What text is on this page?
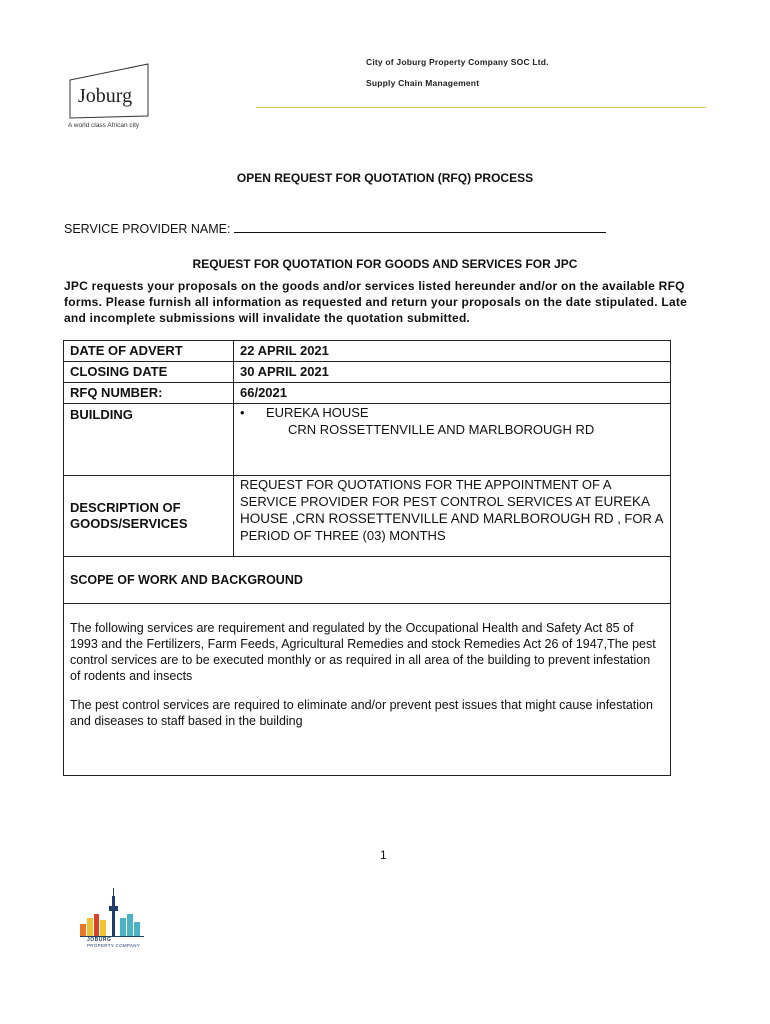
Joburg
A world class African city
City of Joburg Property Company SOC Ltd.
Supply Chain Management
OPEN REQUEST FOR QUOTATION (RFQ) PROCESS
SERVICE PROVIDER NAME:
REQUEST FOR QUOTATION FOR GOODS AND SERVICES FOR JPC
JPC requests your proposals on the goods and/or services listed hereunder and/or on the available RFQ forms. Please furnish all information as requested and return your proposals on the date stipulated. Late and incomplete submissions will invalidate the quotation submitted.
DATE OF ADVERT	22 APRIL 2021
CLOSING DATE	30 APRIL 2021
RFQ NUMBER:	66/2021
BUILDING	• EUREKA HOUSE
CRN ROSSETTENVILLE AND MARLBOROUGH RD

DESCRIPTION OF
GOODS/SERVICES	REQUEST FOR QUOTATIONS FOR THE APPOINTMENT OF A SERVICE PROVIDER FOR PEST CONTROL SERVICES AT EUREKA HOUSE ,CRN ROSSETTENVILLE AND MARLBOROUGH RD , FOR A PERIOD OF THREE (03) MONTHS
SCOPE OF WORK AND BACKGROUND	

The following services are requirement and regulated by the Occupational Health and Safety Act 85 of 1993 and the Fertilizers, Farm Feeds, Agricultural Remedies and stock Remedies Act 26 of 1947,The pest control services are to be executed monthly or as required in all area of the building to prevent infestation of rodents and insects
The pest control services are required to eliminate and/or prevent pest issues that might cause infestation and diseases to staff based in the building	
1
JOBURG
PROPERTY COMPANY
